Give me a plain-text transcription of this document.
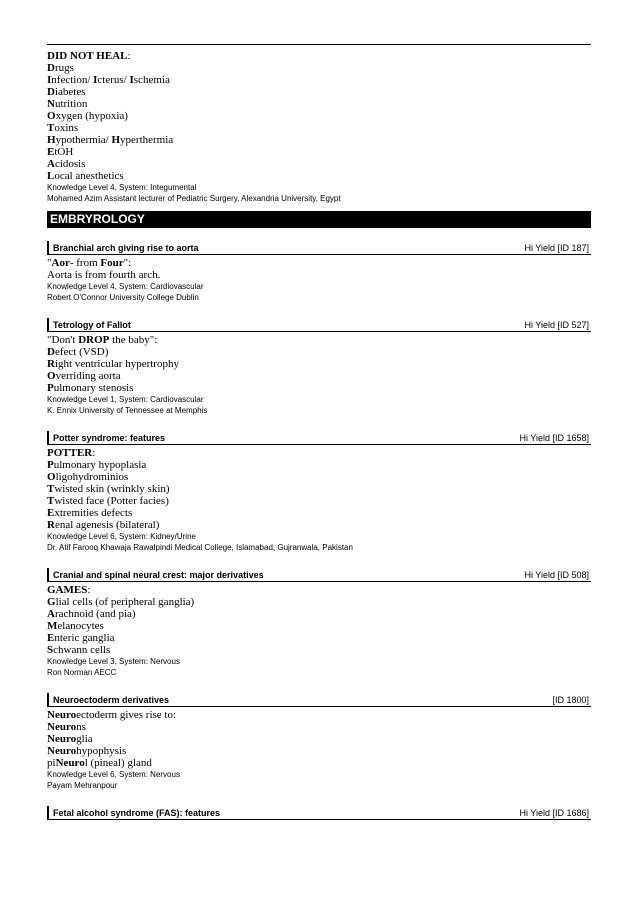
DID NOT HEAL:
Drugs
Infection/ Icterus/ Ischemia
Diabetes
Nutrition
Oxygen (hypoxia)
Toxins
Hypothermia/ Hyperthermia
EtOH
Acidosis
Local anesthetics
Knowledge Level 4, System: Integumental
Mohamed Azim Assistant lecturer of Pediatric Surgery, Alexandria University, Egypt
EMBRYROLOGY
Branchial arch giving rise to aorta	Hi Yield [ID 187]
"Aor- from Four":
Aorta is from fourth arch.
Knowledge Level 4, System: Cardiovascular
Robert O'Connor University College Dublin
Tetrology of Fallot	Hi Yield [ID 527]
"Don't DROP the baby":
Defect (VSD)
Right ventricular hypertrophy
Overriding aorta
Pulmonary stenosis
Knowledge Level 1, System: Cardiovascular
K. Ennix University of Tennessee at Memphis
Potter syndrome: features	Hi Yield [ID 1658]
POTTER:
Pulmonary hypoplasia
Oligohydrominios
Twisted skin (wrinkly skin)
Twisted face (Potter facies)
Extremities defects
Renal agenesis (bilateral)
Knowledge Level 6, System: Kidney/Urine
Dr. Atif Farooq Khawaja Rawalpindi Medical College, Islamabad, Gujranwala, Pakistan
Cranial and spinal neural crest: major derivatives	Hi Yield [ID 508]
GAMES:
Glial cells (of peripheral ganglia)
Arachnoid (and pia)
Melanocytes
Enteric ganglia
Schwann cells
Knowledge Level 3, System: Nervous
Ron Norman AECC
Neuroectoderm derivatives	[ID 1800]
Neuroectoderm gives rise to:
Neurons
Neuroglia
Neurohypophysis
piNeurol (pineal) gland
Knowledge Level 6, System: Nervous
Payam Mehranpour
Fetal alcohol syndrome (FAS): features	Hi Yield [ID 1686]
